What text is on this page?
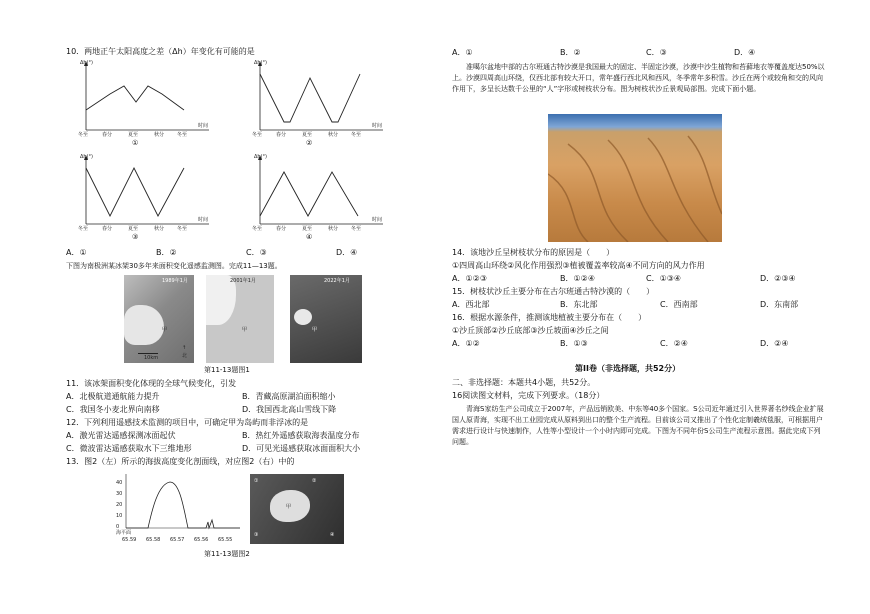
10．两地正午太阳高度之差（Δh）年变化有可能的是
Δh(°)
时间
冬至	春分	夏至	秋分	冬至
①
Δh(°)
时间
冬至	春分	夏至	秋分	冬至
②
Δh(°)
时间
冬至	春分	夏至	秋分	冬至
③
Δh(°)
时间
冬至	春分	夏至	秋分	冬至
④
A．①	B．②	C．③	D．④
下图为南极洲某冰架30多年来面积变化遥感监测图。完成11—13题。
1989年1月
甲
10km
↑
北
2001年1月
甲
2022年1月
甲
第11-13题图1
11．该冰架面积变化体现的全球气候变化，引发
A．北极航道通航能力提升	B．青藏高原湖泊面积缩小
C．我国冬小麦北界向南移	D．我国西北高山雪线下降
12．下列利用遥感技术监测的项目中，可确定甲为岛屿而非浮冰的是
A．激光雷达遥感探测冰面起伏	B．热红外遥感获取海表温度分布
C．微波雷达遥感获取水下三维地形	D．可见光遥感获取冰面面积大小
13．图2（左）所示的海拔高度变化剖面线，对应图2（右）中的
40
30
20
10
0
海平面
65.59 65.58 65.57 65.56 65.55
甲
①	②
③	④
第11-13题图2
A．①	B．②	C．③	D．④
准噶尔盆地中部的古尔班通古特沙漠是我国最大的固定、半固定沙漠，沙漠中沙生植物和苔藓地衣等覆盖度达50%以上。沙漠四周高山环绕，仅西北部有较大开口，常年盛行西北风和西风，冬季常年多积雪。沙丘在两个或较角和交的风向作用下，多呈长达数千公里的“人”字形或树枝状分布。图为树枝状沙丘景观局部图。完成下面小题。
14．该地沙丘呈树枝状分布的原因是（　　）
①四周高山环绕②风化作用强烈③植被覆盖率较高④不同方向的风力作用
A．①②③	B．①②④	C．①③④	D．②③④
15．树枝状沙丘主要分布在古尔班通古特沙漠的（　　）
A．西北部	B．东北部	C．西南部	D．东南部
16．根据水源条件，推测该地植被主要分布在（　　）
①沙丘顶部②沙丘底部③沙丘坡面④沙丘之间
A．①②	B．①③	C．②④	D．②④
第II卷（非选择题，共52分）
二、非选择题：本题共4小题，共52分。
16阅读图文材料，完成下列要求。（18分）
青海S家纺生产公司成立于2007年，产品远销欧美、中东等40多个国家。S公司近年通过引入世界著名纱线企业扩展国人原青海，实现不出工业园完成从原料到出口的整个生产流程。目前该公司又推出了个性化定制羲绒毯服，可根据用户需求进行设计与快速制作，人性等小型设计一个小时内即可完成。下图为不同年份S公司生产流程示意图。据此完成下列问题。
